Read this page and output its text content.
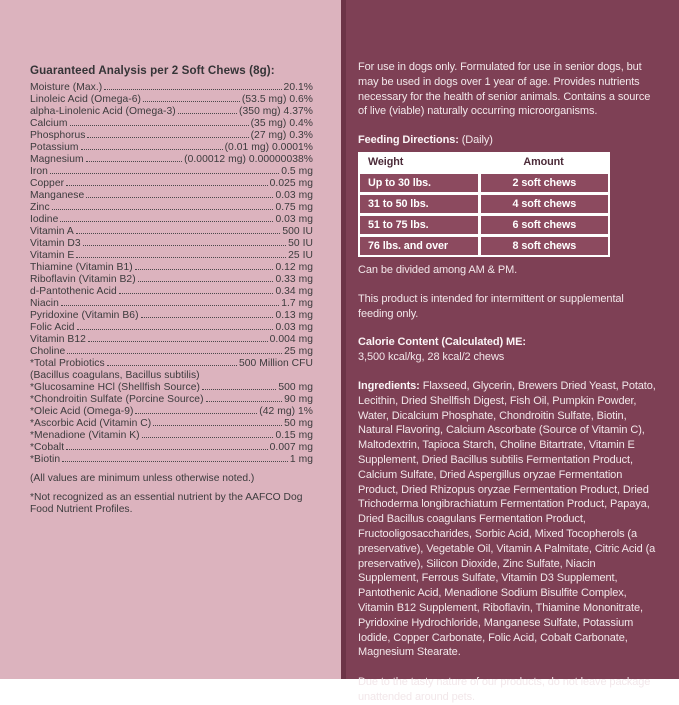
Guaranteed Analysis per 2 Soft Chews (8g):

Moisture (Max.)	20.1%
Linoleic Acid (Omega-6)	(53.5 mg) 0.6%
alpha-Linolenic Acid (Omega-3)	(350 mg) 4.37%
Calcium	(35 mg) 0.4%
Phosphorus	(27 mg) 0.3%
Potassium	(0.01 mg) 0.0001%
Magnesium	(0.00012 mg) 0.00000038%
Iron	0.5 mg
Copper	0.025 mg
Manganese	0.03 mg
Zinc	0.75 mg
Iodine	0.03 mg
Vitamin A	500 IU
Vitamin D3	50 IU
Vitamin E	25 IU
Thiamine (Vitamin B1)	0.12 mg
Riboflavin (Vitamin B2)	0.33 mg
d-Pantothenic Acid	0.34 mg
Niacin	1.7 mg
Pyridoxine (Vitamin B6)	0.13 mg
Folic Acid	0.03 mg
Vitamin B12	0.004 mg
Choline	25 mg
*Total Probiotics	500 Million CFU
(Bacillus coagulans, Bacillus subtilis)
*Glucosamine HCl (Shellfish Source)	500 mg
*Chondroitin Sulfate (Porcine Source)	90 mg
*Oleic Acid (Omega-9)	(42 mg) 1%
*Ascorbic Acid (Vitamin C)	50 mg
*Menadione (Vitamin K)	0.15 mg
*Cobalt	0.007 mg
*Biotin	1 mg

(All values are minimum unless otherwise noted.)

*Not recognized as an essential nutrient by the AAFCO Dog Food Nutrient Profiles.

For use in dogs only. Formulated for use in senior dogs, but may be used in dogs over 1 year of age. Provides nutrients necessary for the health of senior animals. Contains a source of live (viable) naturally occurring microorganisms.

Feeding Directions: (Daily)

Weight	Amount
Up to 30 lbs.	2 soft chews
31 to 50 lbs.	4 soft chews
51 to 75 lbs.	6 soft chews
76 lbs. and over	8 soft chews

Can be divided among AM & PM.

This product is intended for intermittent or supplemental feeding only.

Calorie Content (Calculated) ME:
3,500 kcal/kg, 28 kcal/2 chews

Ingredients: Flaxseed, Glycerin, Brewers Dried Yeast, Potato, Lecithin, Dried Shellfish Digest, Fish Oil, Pumpkin Powder, Water, Dicalcium Phosphate, Chondroitin Sulfate, Biotin, Natural Flavoring, Calcium Ascorbate (Source of Vitamin C), Maltodextrin, Tapioca Starch, Choline Bitartrate, Vitamin E Supplement, Dried Bacillus subtilis Fermentation Product, Calcium Sulfate, Dried Aspergillus oryzae Fermentation Product, Dried Rhizopus oryzae Fermentation Product, Dried Trichoderma longibrachiatum Fermentation Product, Papaya, Dried Bacillus coagulans Fermentation Product, Fructooligosaccharides, Sorbic Acid, Mixed Tocopherols (a preservative), Vegetable Oil, Vitamin A Palmitate, Citric Acid (a preservative), Silicon Dioxide, Zinc Sulfate, Niacin Supplement, Ferrous Sulfate, Vitamin D3 Supplement, Pantothenic Acid, Menadione Sodium Bisulfite Complex, Vitamin B12 Supplement, Riboflavin, Thiamine Mononitrate, Pyridoxine Hydrochloride, Manganese Sulfate, Potassium Iodide, Copper Carbonate, Folic Acid, Cobalt Carbonate, Magnesium Stearate.

Due to the tasty nature of our products, do not leave package unattended around pets.
